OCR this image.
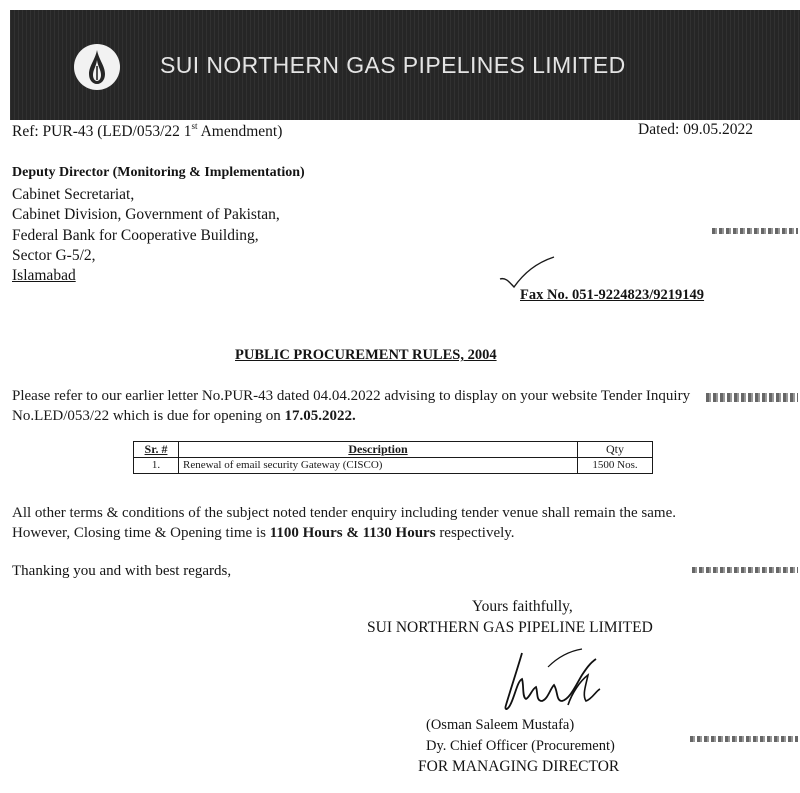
SUI NORTHERN GAS PIPELINES LIMITED
Ref: PUR-43 (LED/053/22 1st Amendment)	Dated: 09.05.2022
Deputy Director (Monitoring & Implementation)
Cabinet Secretariat,
Cabinet Division, Government of Pakistan,
Federal Bank for Cooperative Building,
Sector G-5/2,
Islamabad
Fax No. 051-9224823/9219149
PUBLIC PROCUREMENT RULES, 2004
Please refer to our earlier letter No.PUR-43 dated 04.04.2022 advising to display on your website Tender Inquiry
No.LED/053/22 which is due for opening on 17.05.2022.
Sr. #	Description	Qty
1.	Renewal of email security Gateway (CISCO)	1500 Nos.
All other terms & conditions of the subject noted tender enquiry including tender venue shall remain the same.
However, Closing time & Opening time is 1100 Hours & 1130 Hours respectively.
Thanking you and with best regards,
Yours faithfully,
SUI NORTHERN GAS PIPELINE LIMITED
(Osman Saleem Mustafa)
Dy. Chief Officer (Procurement)
FOR MANAGING DIRECTOR
